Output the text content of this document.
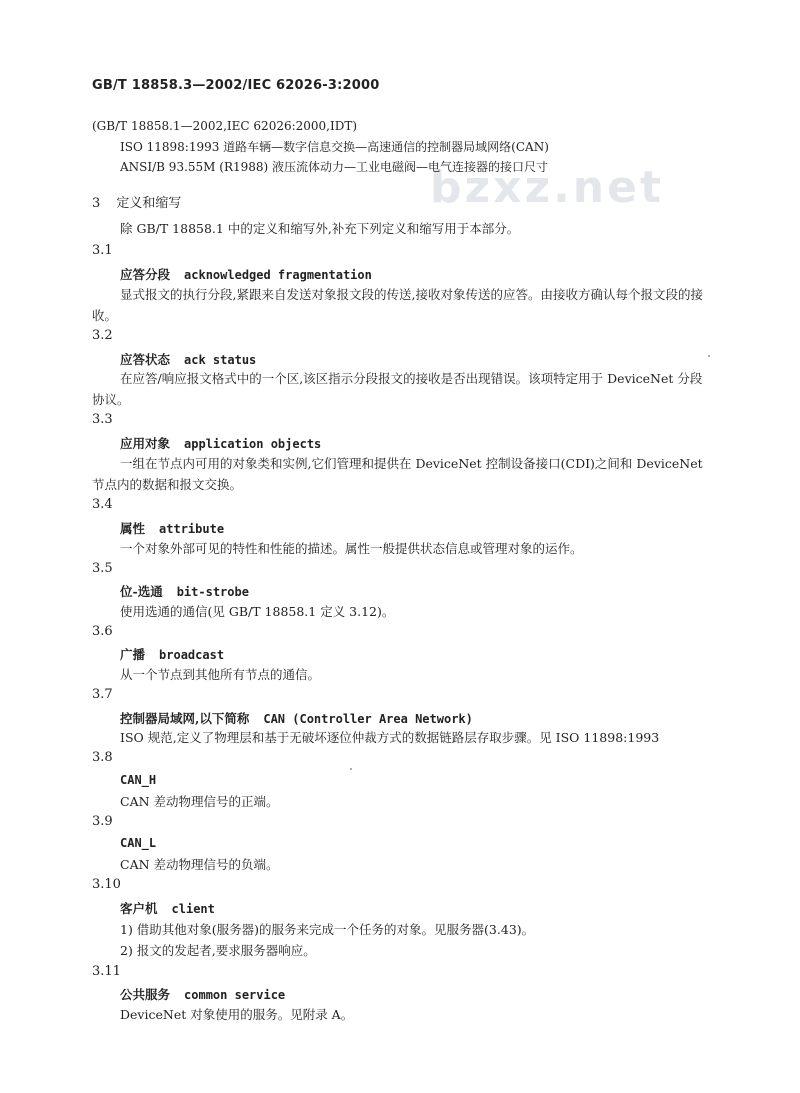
bzxz.net
GB/T 18858.3—2002/IEC 62026-3:2000
(GB/T 18858.1—2002,IEC 62026:2000,IDT)
ISO 11898:1993 道路车辆—数字信息交换—高速通信的控制器局域网络(CAN)
ANSI/B 93.55M (R1988) 液压流体动力—工业电磁阀—电气连接器的接口尺寸
3 定义和缩写
除 GB/T 18858.1 中的定义和缩写外,补充下列定义和缩写用于本部分。
3.1
应答分段 acknowledged fragmentation
显式报文的执行分段,紧跟来自发送对象报文段的传送,接收对象传送的应答。由接收方确认每个报文段的接收。
3.2
应答状态 ack status
在应答/响应报文格式中的一个区,该区指示分段报文的接收是否出现错误。该项特定用于 DeviceNet 分段协议。
3.3
应用对象 application objects
一组在节点内可用的对象类和实例,它们管理和提供在 DeviceNet 控制设备接口(CDI)之间和 DeviceNet 节点内的数据和报文交换。
3.4
属性 attribute
一个对象外部可见的特性和性能的描述。属性一般提供状态信息或管理对象的运作。
3.5
位-选通 bit-strobe
使用选通的通信(见 GB/T 18858.1 定义 3.12)。
3.6
广播 broadcast
从一个节点到其他所有节点的通信。
3.7
控制器局域网,以下简称 CAN (Controller Area Network)
ISO 规范,定义了物理层和基于无破坏逐位仲裁方式的数据链路层存取步骤。见 ISO 11898:1993
3.8
CAN_H
CAN 差动物理信号的正端。
3.9
CAN_L
CAN 差动物理信号的负端。
3.10
客户机 client
1) 借助其他对象(服务器)的服务来完成一个任务的对象。见服务器(3.43)。
2) 报文的发起者,要求服务器响应。
3.11
公共服务 common service
DeviceNet 对象使用的服务。见附录 A。
